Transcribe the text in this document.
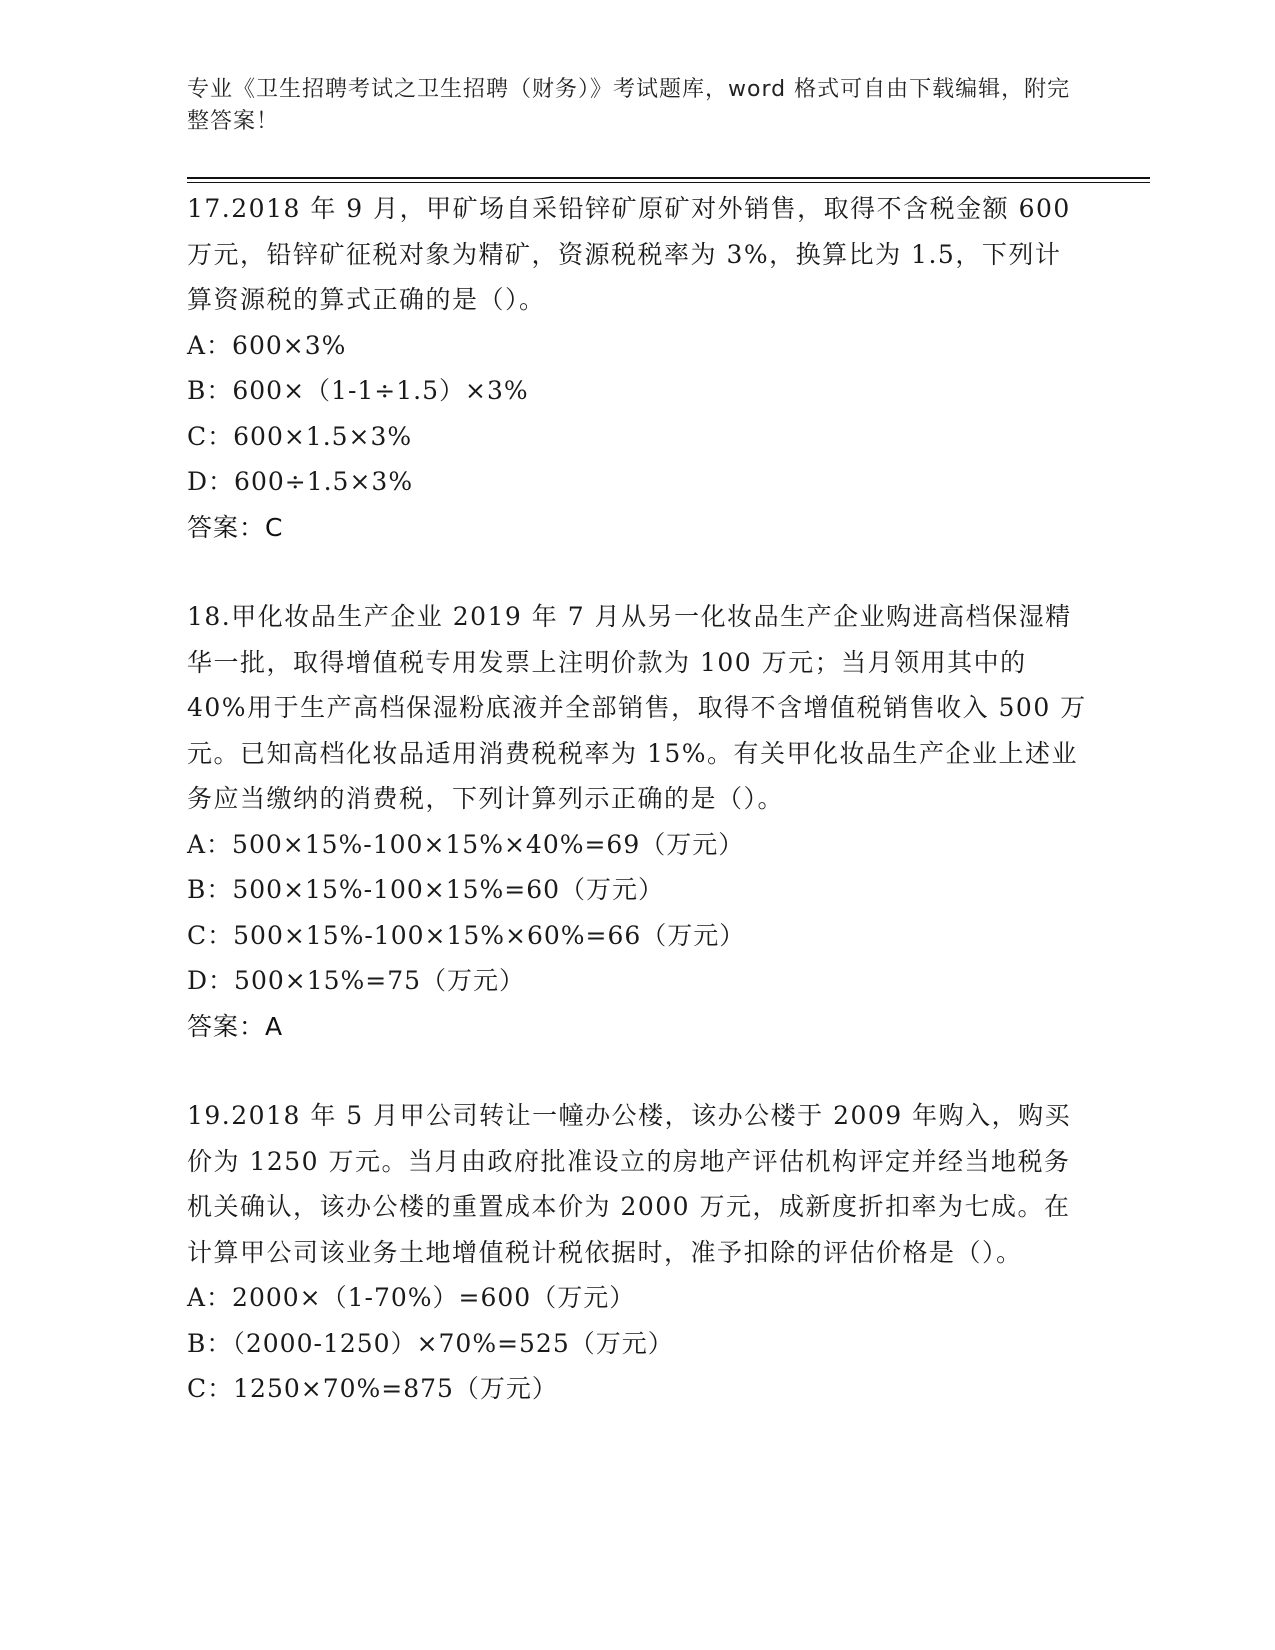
专业《卫生招聘考试之卫生招聘（财务）》考试题库，word 格式可自由下载编辑，附完整答案！

17.2018 年 9 月，甲矿场自采铅锌矿原矿对外销售，取得不含税金额 600 万元，铅锌矿征税对象为精矿，资源税税率为 3%，换算比为 1.5，下列计算资源税的算式正确的是（）。

A：600×3%

B：600×（1-1÷1.5）×3%

C：600×1.5×3%

D：600÷1.5×3%

答案：C

18.甲化妆品生产企业 2019 年 7 月从另一化妆品生产企业购进高档保湿精华一批，取得增值税专用发票上注明价款为 100 万元；当月领用其中的 40%用于生产高档保湿粉底液并全部销售，取得不含增值税销售收入 500 万元。已知高档化妆品适用消费税税率为 15%。有关甲化妆品生产企业上述业务应当缴纳的消费税，下列计算列示正确的是（）。

A：500×15%-100×15%×40%=69（万元）

B：500×15%-100×15%=60（万元）

C：500×15%-100×15%×60%=66（万元）

D：500×15%=75（万元）

答案：A

19.2018 年 5 月甲公司转让一幢办公楼，该办公楼于 2009 年购入，购买价为 1250 万元。当月由政府批准设立的房地产评估机构评定并经当地税务机关确认，该办公楼的重置成本价为 2000 万元，成新度折扣率为七成。在计算甲公司该业务土地增值税计税依据时，准予扣除的评估价格是（）。

A：2000×（1-70%）=600（万元）

B：（2000-1250）×70%=525（万元）

C：1250×70%=875（万元）
